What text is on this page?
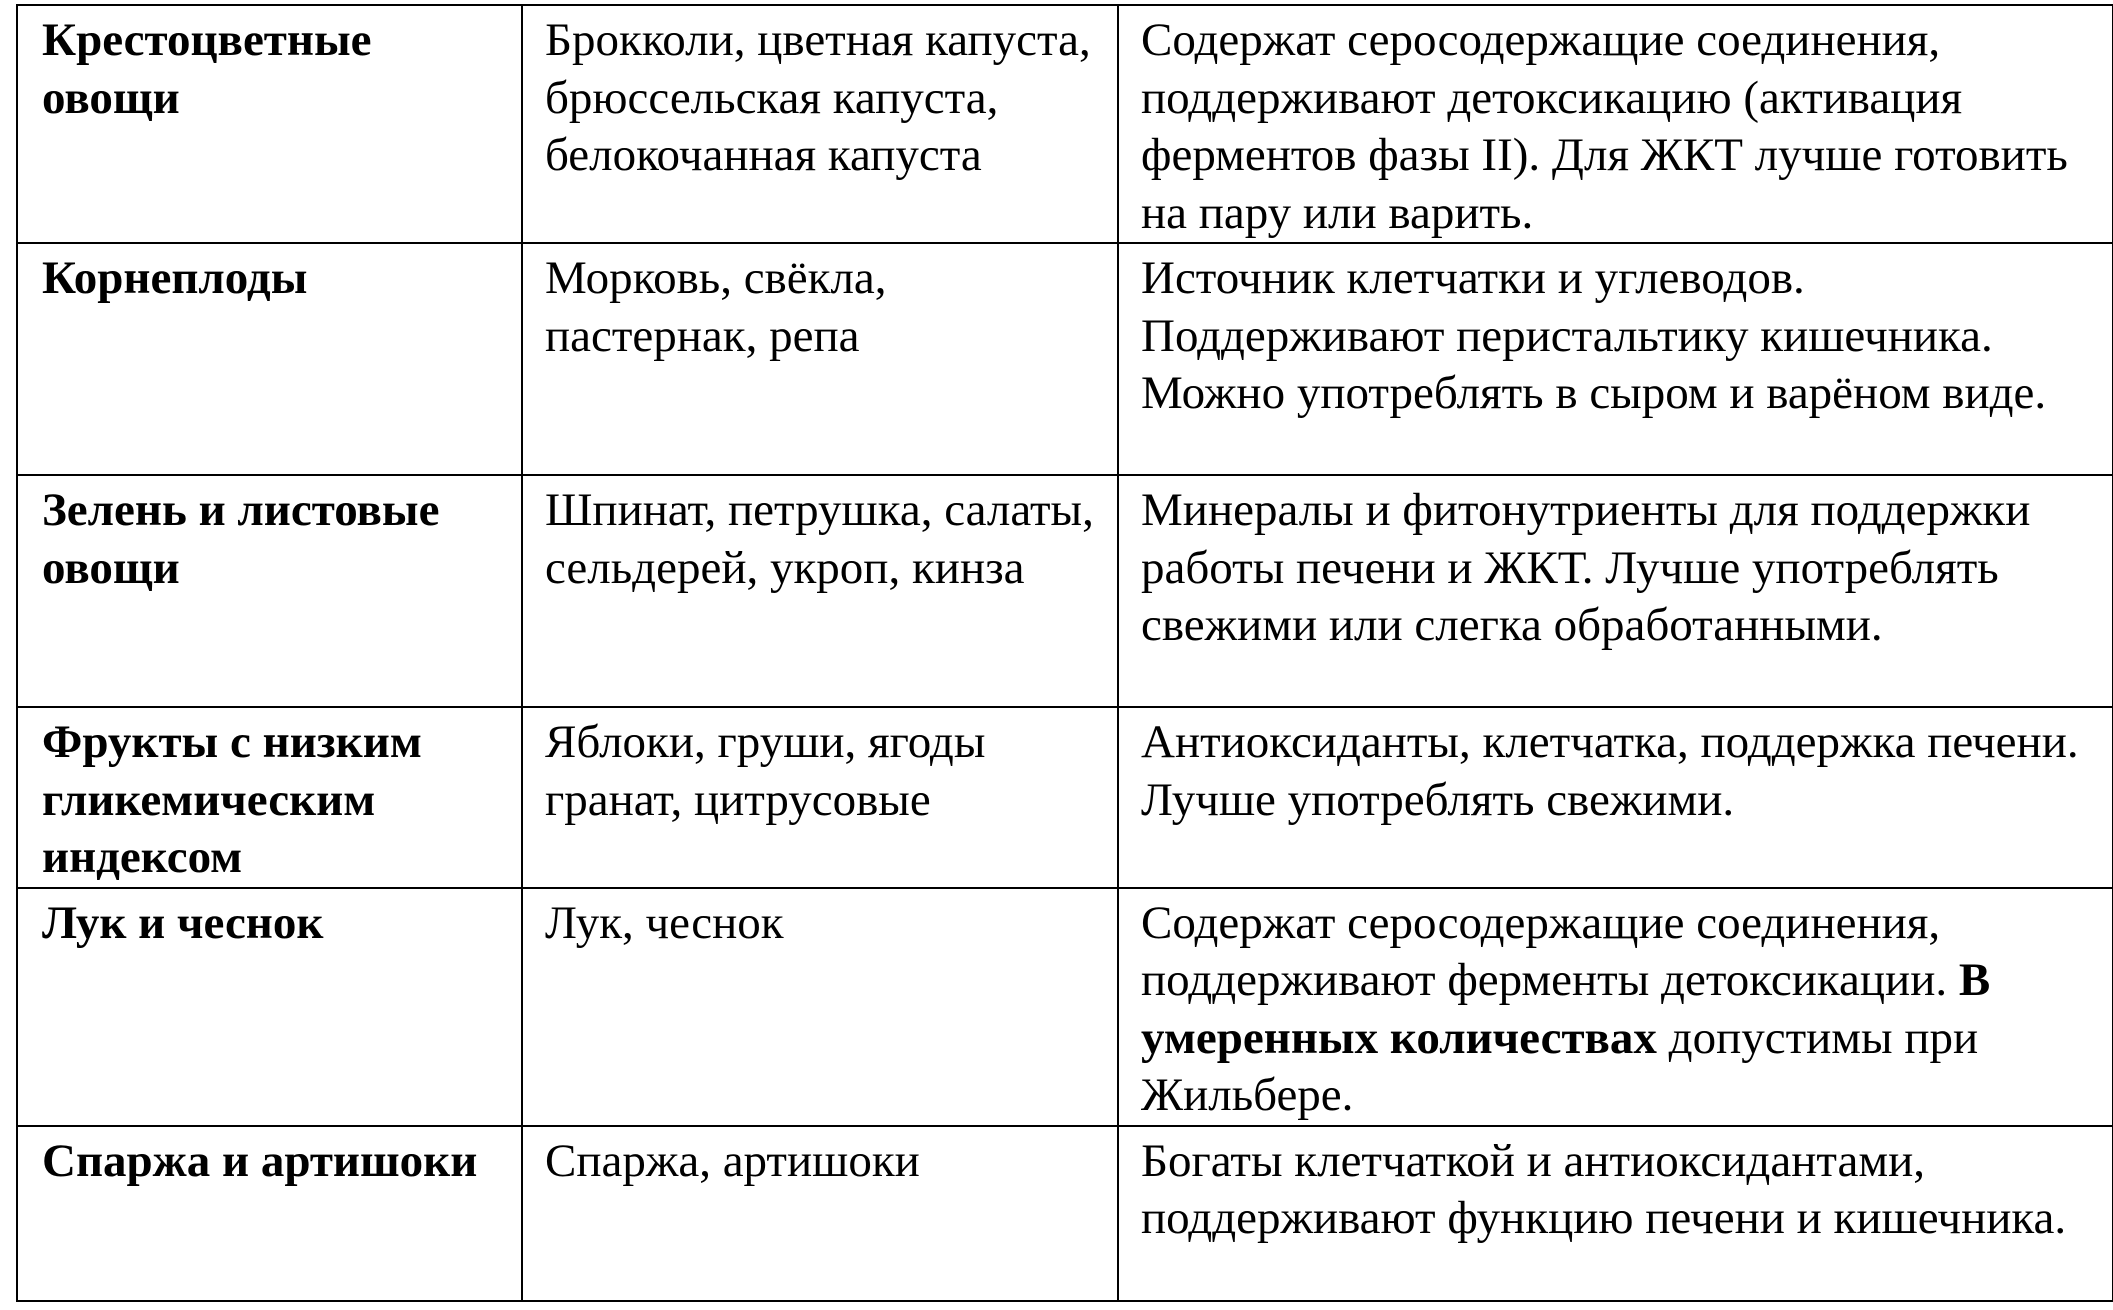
Крестоцветные овощи	Брокколи, цветная капуста, брюссельская капуста, белокочанная капуста	Содержат серосодержащие соединения, поддерживают детоксикацию (активация ферментов фазы II). Для ЖКТ лучше готовить на пару или варить.
Корнеплоды	Морковь, свёкла, пастернак, репа	Источник клетчатки и углеводов. Поддерживают перистальтику кишечника. Можно употреблять в сыром и варёном виде.
Зелень и листовые овощи	Шпинат, петрушка, салаты, сельдерей, укроп, кинза	Минералы и фитонутриенты для поддержки работы печени и ЖКТ. Лучше употреблять свежими или слегка обработанными.
Фрукты с низким гликемическим индексом	Яблоки, груши, ягоды гранат, цитрусовые	Антиоксиданты, клетчатка, поддержка печени. Лучше употреблять свежими.
Лук и чеснок	Лук, чеснок	Содержат серосодержащие соединения, поддерживают ферменты детоксикации. В умеренных количествах допустимы при Жильбере.
Спаржа и артишоки	Спаржа, артишоки	Богаты клетчаткой и антиоксидантами, поддерживают функцию печени и кишечника.
